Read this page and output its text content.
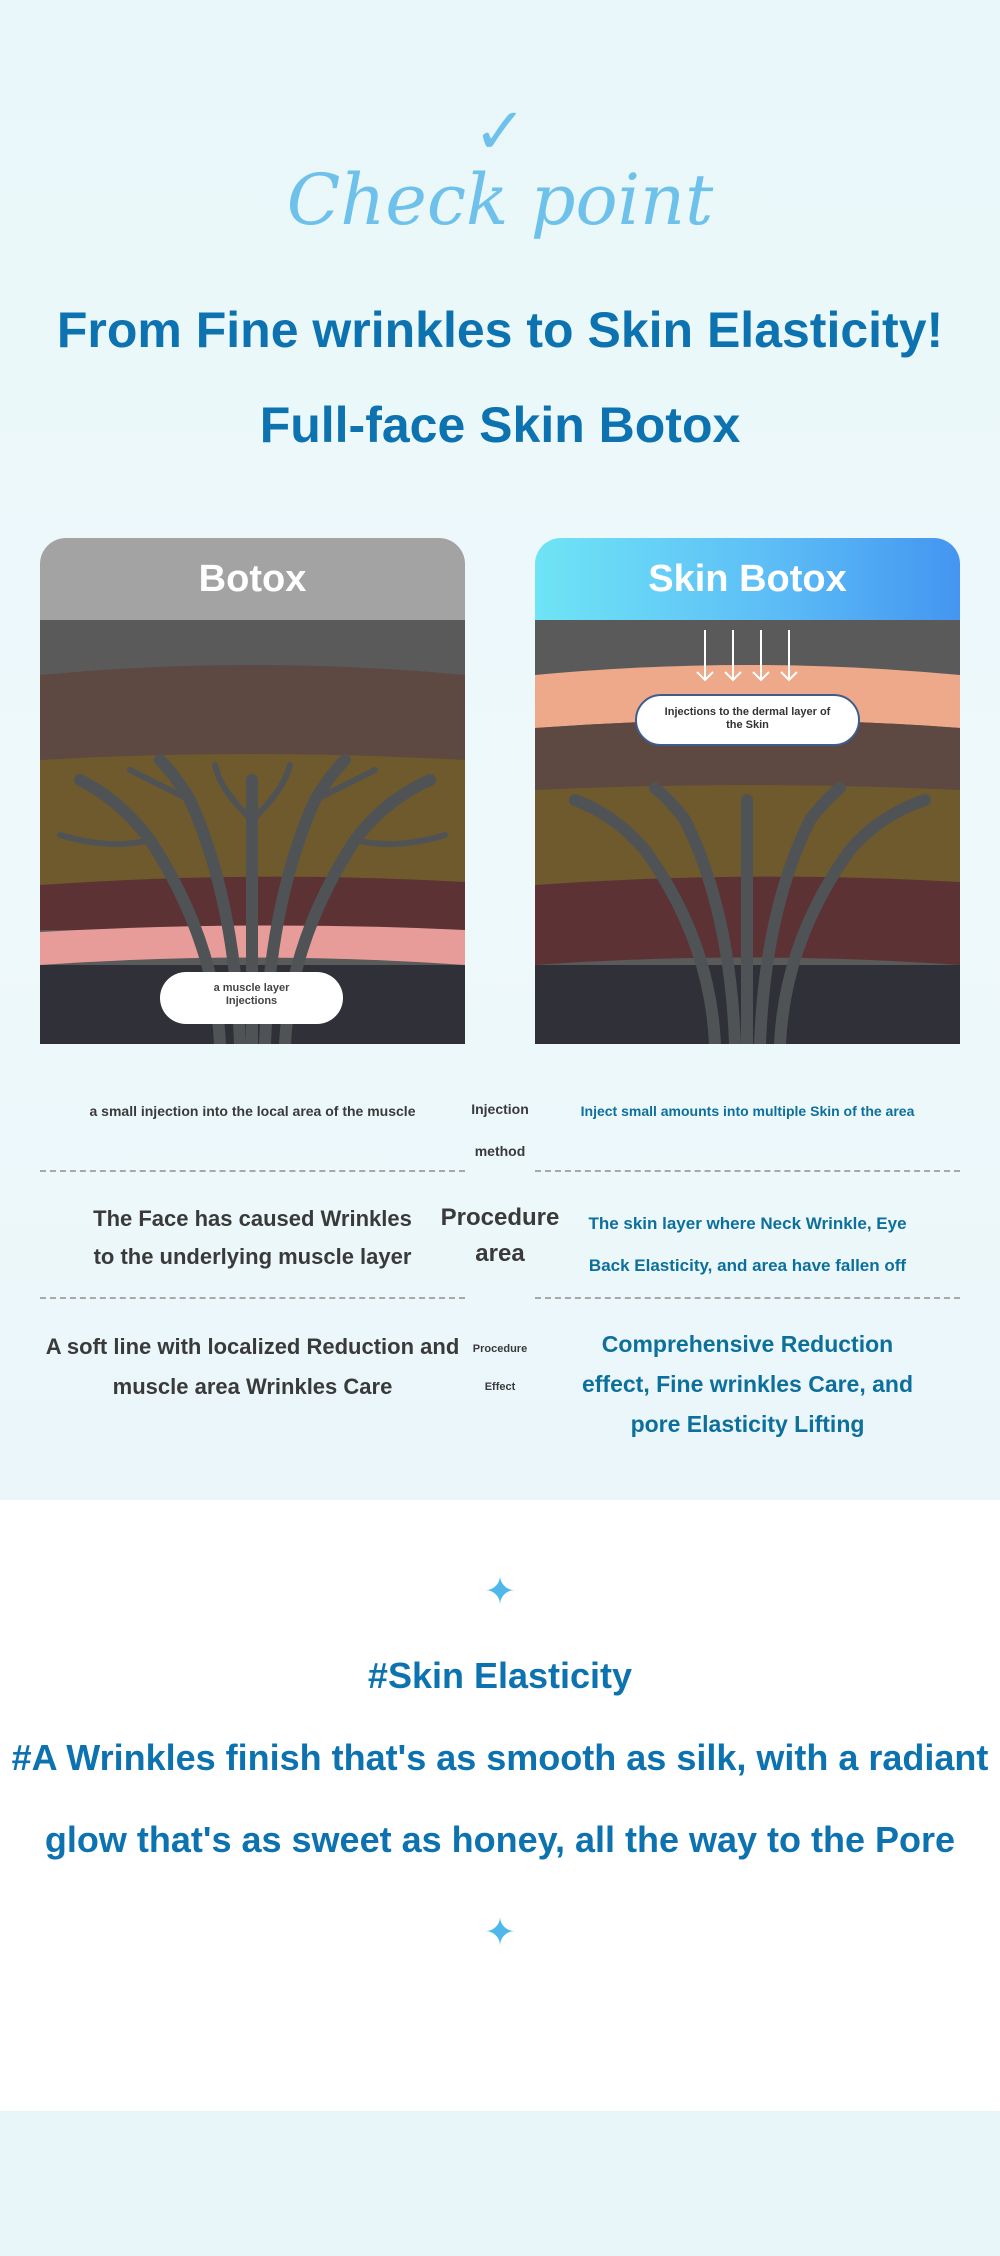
✓
Check point
From Fine wrinkles to Skin Elasticity!
Full-face Skin Botox
Botox
a muscle layer
Injections
Skin Botox
Injections to the dermal layer of
the Skin
a small injection into the local area of the muscle	Injection
method
Inject small amounts into multiple Skin of the area
The Face has caused Wrinkles
to the underlying muscle layer
Procedure
area
The skin layer where Neck Wrinkle, Eye
Back Elasticity, and area have fallen off
A soft line with localized Reduction and
muscle area Wrinkles Care
Procedure
Effect
Comprehensive Reduction
effect, Fine wrinkles Care, and
pore Elasticity Lifting
✦
#Skin Elasticity
#A Wrinkles finish that's as smooth as silk, with a radiant
glow that's as sweet as honey, all the way to the Pore
✦
